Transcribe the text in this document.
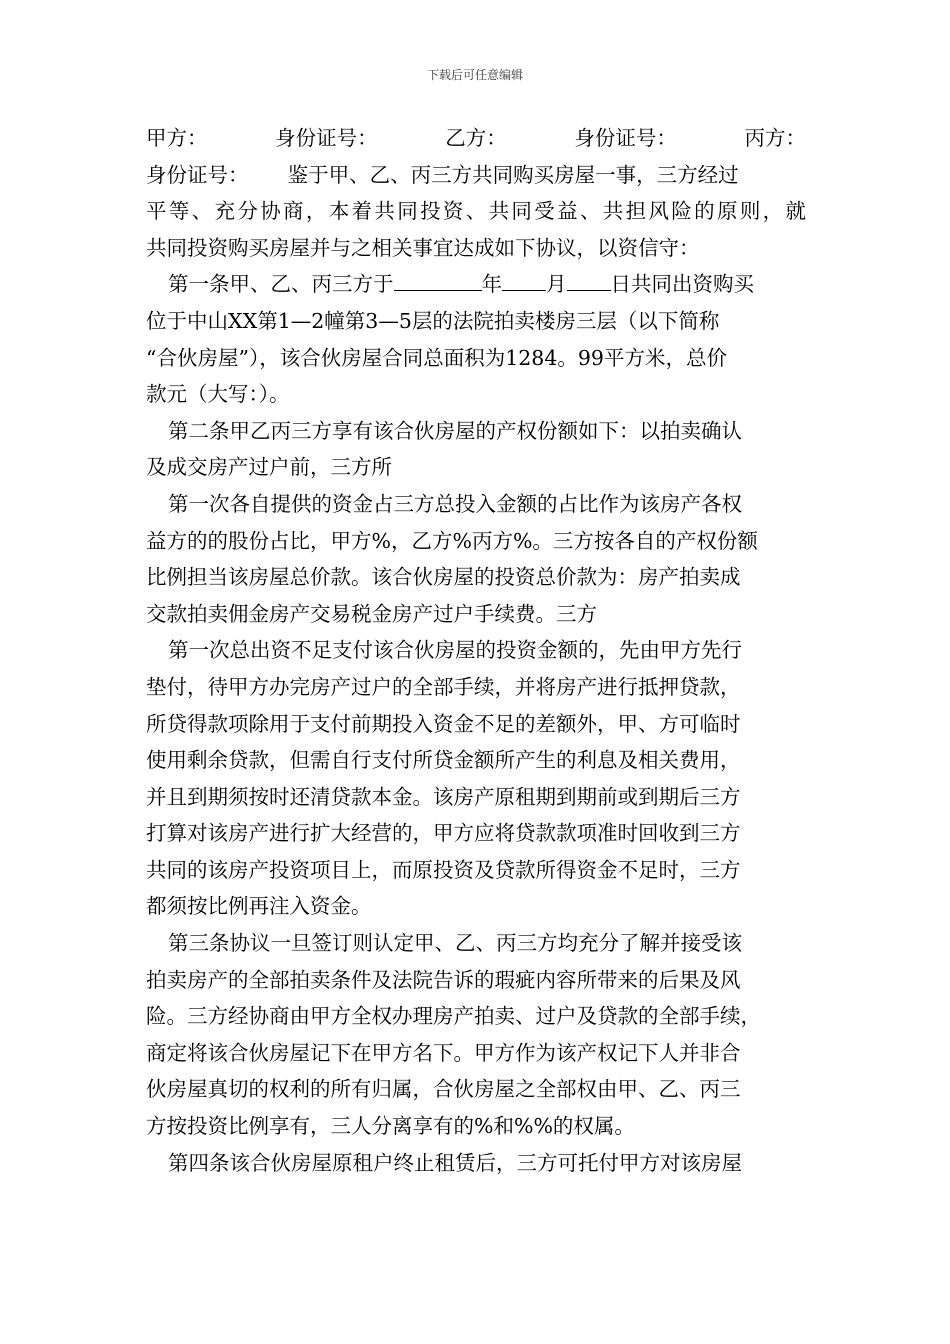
下载后可任意编辑
甲方：	身份证号：	乙方：	身份证号：	丙方：
身份证号：      鉴于甲、乙、丙三方共同购买房屋一事，三方经过
平等、充分协商，本着共同投资、共同受益、共担风险的原则，就
共同投资购买房屋并与之相关事宜达成如下协议，以资信守：
第一条甲、乙、丙三方于	年 月 日共同出资购买
位于中山XX第1—2幢第3—5层的法院拍卖楼房三层（以下简称
“合伙房屋”），该合伙房屋合同总面积为1284。99平方米，总价
款元（大写：）。
第二条甲乙丙三方享有该合伙房屋的产权份额如下：以拍卖确认
及成交房产过户前，三方所
第一次各自提供的资金占三方总投入金额的占比作为该房产各权
益方的的股份占比，甲方%，乙方%丙方%。三方按各自的产权份额
比例担当该房屋总价款。该合伙房屋的投资总价款为：房产拍卖成
交款拍卖佣金房产交易税金房产过户手续费。三方
第一次总出资不足支付该合伙房屋的投资金额的，先由甲方先行
垫付，待甲方办完房产过户的全部手续，并将房产进行抵押贷款，
所贷得款项除用于支付前期投入资金不足的差额外，甲、方可临时
使用剩余贷款，但需自行支付所贷金额所产生的利息及相关费用，
并且到期须按时还清贷款本金。该房产原租期到期前或到期后三方
打算对该房产进行扩大经营的，甲方应将贷款款项准时回收到三方
共同的该房产投资项目上，而原投资及贷款所得资金不足时，三方
都须按比例再注入资金。
第三条协议一旦签订则认定甲、乙、丙三方均充分了解并接受该
拍卖房产的全部拍卖条件及法院告诉的瑕疵内容所带来的后果及风
险。三方经协商由甲方全权办理房产拍卖、过户及贷款的全部手续，
商定将该合伙房屋记下在甲方名下。甲方作为该产权记下人并非合
伙房屋真切的权利的所有归属，合伙房屋之全部权由甲、乙、丙三
方按投资比例享有，三人分离享有的%和%%的权属。
第四条该合伙房屋原租户终止租赁后，三方可托付甲方对该房屋
